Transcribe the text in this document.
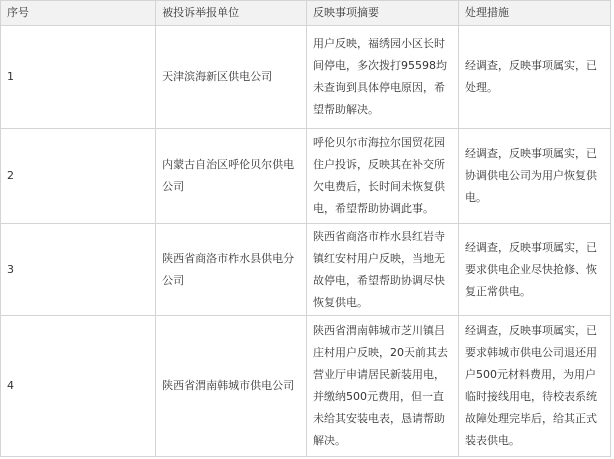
序号	被投诉举报单位	反映事项摘要	处理措施
1	天津滨海新区供电公司	用户反映，福绣园小区长时间停电，多次拨打95598均未查询到具体停电原因，希望帮助解决。	经调查，反映事项属实，已处理。
2	内蒙古自治区呼伦贝尔供电公司	呼伦贝尔市海拉尔国贸花园住户投诉，反映其在补交所欠电费后，长时间未恢复供电，希望帮助协调此事。	经调查，反映事项属实，已协调供电公司为用户恢复供电。
3	陕西省商洛市柞水县供电分公司	陕西省商洛市柞水县红岩寺镇红安村用户反映，当地无故停电，希望帮助协调尽快恢复供电。	经调查，反映事项属实，已要求供电企业尽快抢修、恢复正常供电。
4	陕西省渭南韩城市供电公司	陕西省渭南韩城市芝川镇吕庄村用户反映，20天前其去营业厅申请居民新装用电，并缴纳500元费用，但一直未给其安装电表，恳请帮助解决。	经调查，反映事项属实，已要求韩城市供电公司退还用户500元材料费用，为用户临时接线用电，待校表系统故障处理完毕后，给其正式装表供电。
